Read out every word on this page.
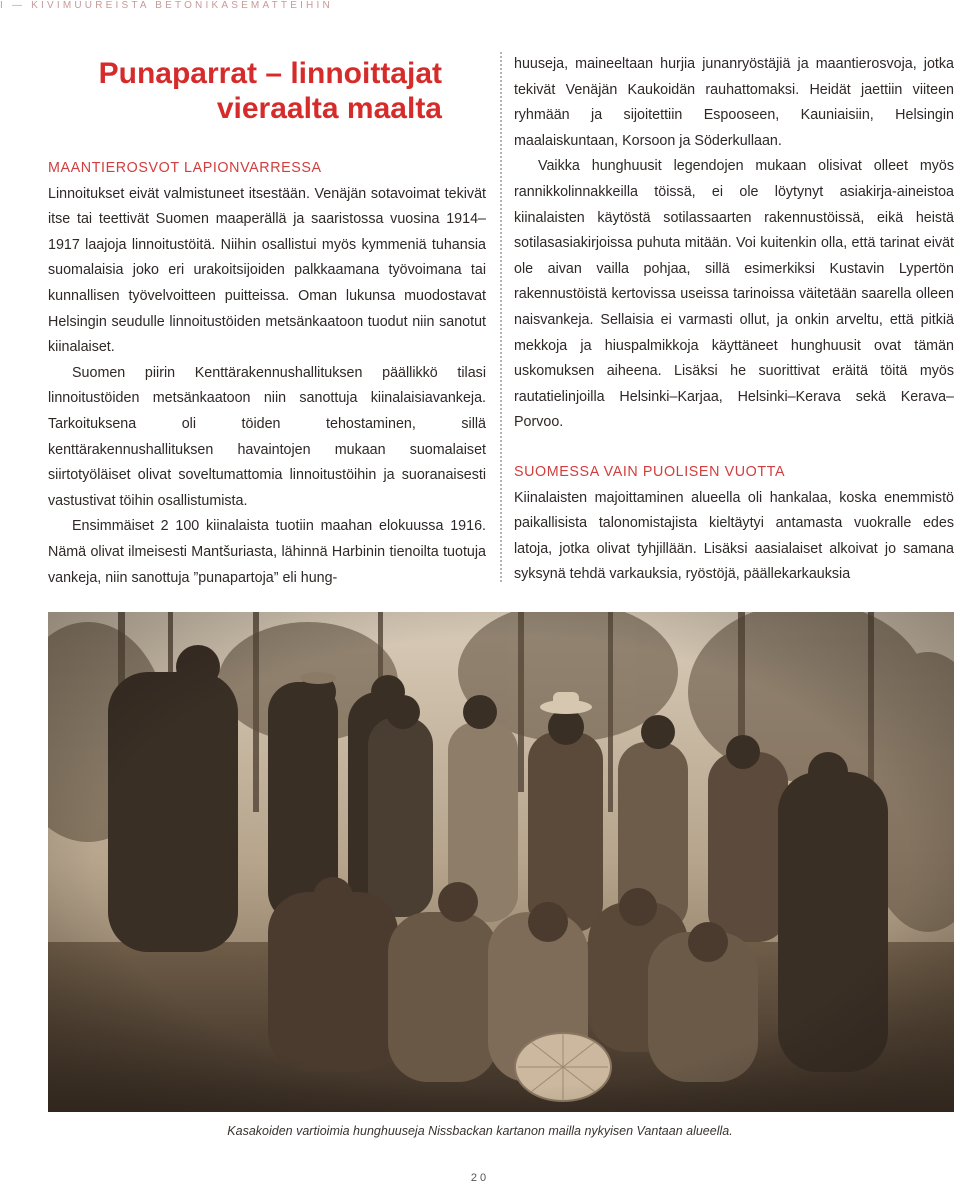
I — KIVIMUUREISTA BETONIKASEMATTEIHIN
Punaparrat – linnoittajat
vieraalta maalta

MAANTIEROSVOT LAPIONVARRESSA

Linnoitukset eivät valmistuneet itsestään. Venäjän sotavoimat tekivät itse tai teettivät Suomen maaperällä ja saaristossa vuosina 1914–1917 laajoja linnoitustöitä. Niihin osallistui myös kymmeniä tuhansia suomalaisia joko eri urakoitsijoiden palkkaamana työvoimana tai kunnallisen työvelvoitteen puitteissa. Oman lukunsa muodostavat Helsingin seudulle linnoitustöiden metsänkaatoon tuodut niin sanotut kiinalaiset.

Suomen piirin Kenttärakennushallituksen päällikkö tilasi linnoitustöiden metsänkaatoon niin sanottuja kiinalaisiavankeja. Tarkoituksena oli töiden tehostaminen, sillä kenttärakennushallituksen havaintojen mukaan suomalaiset siirtotyöläiset olivat soveltumattomia linnoitustöihin ja suoranaisesti vastustivat töihin osallistumista.

Ensimmäiset 2 100 kiinalaista tuotiin maahan elokuussa 1916. Nämä olivat ilmeisesti Mantšuriasta, lähinnä Harbinin tienoilta tuotuja vankeja, niin sanottuja ”punapartoja” eli hung-

huuseja, maineeltaan hurjia junanryöstäjiä ja maantierosvoja, jotka tekivät Venäjän Kaukoidän rauhattomaksi. Heidät jaettiin viiteen ryhmään ja sijoitettiin Espooseen, Kauniaisiin, Helsingin maalaiskuntaan, Korsoon ja Söderkullaan.

Vaikka hunghuusit legendojen mukaan olisivat olleet myös rannikkolinnakkeilla töissä, ei ole löytynyt asiakirja-aineistoa kiinalaisten käytöstä sotilassaarten rakennustöissä, eikä heistä sotilasasiakirjoissa puhuta mitään. Voi kuitenkin olla, että tarinat eivät ole aivan vailla pohjaa, sillä esimerkiksi Kustavin Lypertön rakennustöistä kertovissa useissa tarinoissa väitetään saarella olleen naisvankeja. Sellaisia ei varmasti ollut, ja onkin arveltu, että pitkiä mekkoja ja hiuspalmikkoja käyttäneet hunghuusit ovat tämän uskomuksen aiheena. Lisäksi he suorittivat eräitä töitä myös rautatielinjoilla Helsinki–Karjaa, Helsinki–Kerava sekä Kerava–Porvoo.

SUOMESSA VAIN PUOLISEN VUOTTA

Kiinalaisten majoittaminen alueella oli hankalaa, koska enemmistö paikallisista talonomistajista kieltäytyi antamasta vuokralle edes latoja, jotka olivat tyhjillään. Lisäksi aasialaiset alkoivat jo samana syksynä tehdä varkauksia, ryöstöjä, päällekarkauksia

Kasakoiden vartioimia hunghuuseja Nissbackan kartanon mailla nykyisen Vantaan alueella.
20
